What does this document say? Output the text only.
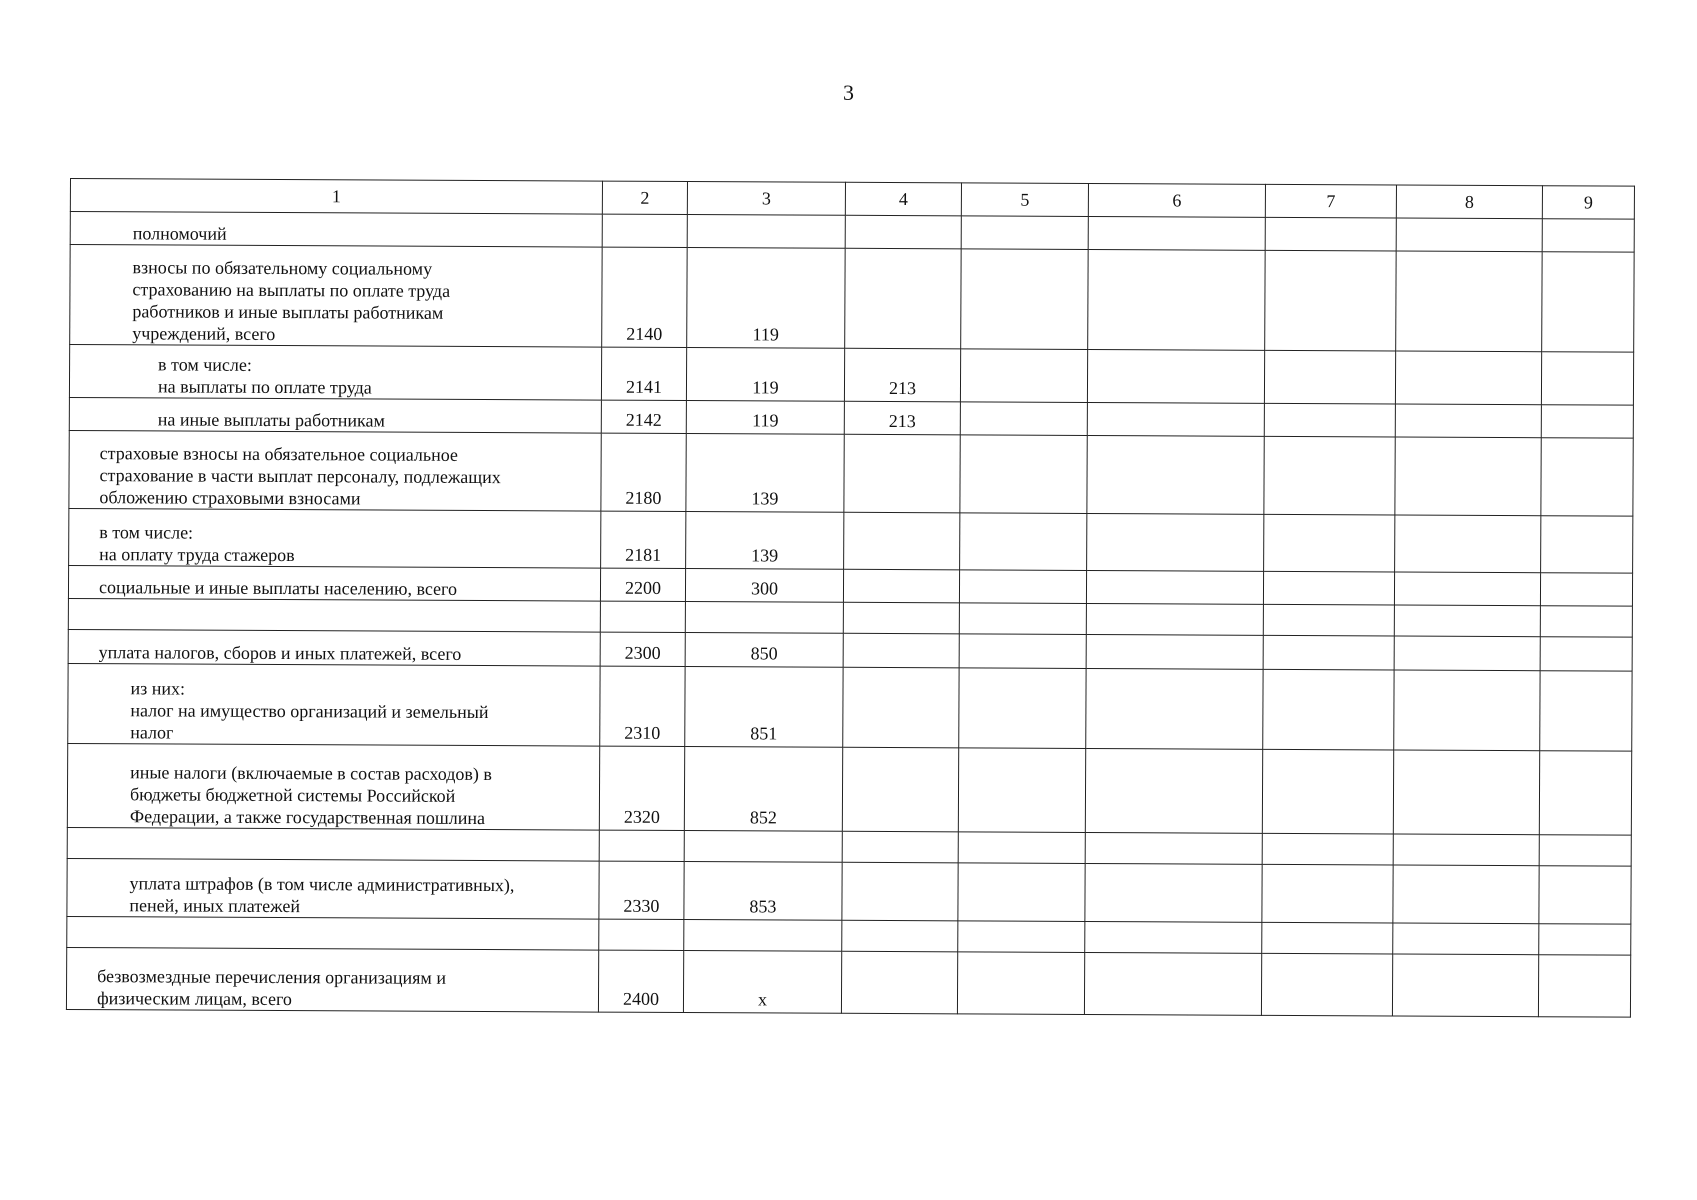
3
1	2	3	4	5	6	7	8	9

полномочий								

взносы по обязательному социальному
страхованию на выплаты по оплате труда
работников и иные выплаты работникам
учреждений, всего	2140	119						

в том числе:
на выплаты по оплате труда	2141	119	213					

на иные выплаты работникам	2142	119	213					

страховые взносы на обязательное социальное
страхование в части выплат персоналу, подлежащих
обложению страховыми взносами	2180	139						

в том числе:
на оплату труда стажеров	2181	139						

социальные и иные выплаты населению, всего	2200	300						

уплата налогов, сборов и иных платежей, всего	2300	850						

из них:
налог на имущество организаций и земельный
налог	2310	851						

иные налоги (включаемые в состав расходов) в
бюджеты бюджетной системы Российской
Федерации, а также государственная пошлина	2320	852						

уплата штрафов (в том числе административных),
пеней, иных платежей	2330	853						

безвозмездные перечисления организациям и
физическим лицам, всего	2400	x						
